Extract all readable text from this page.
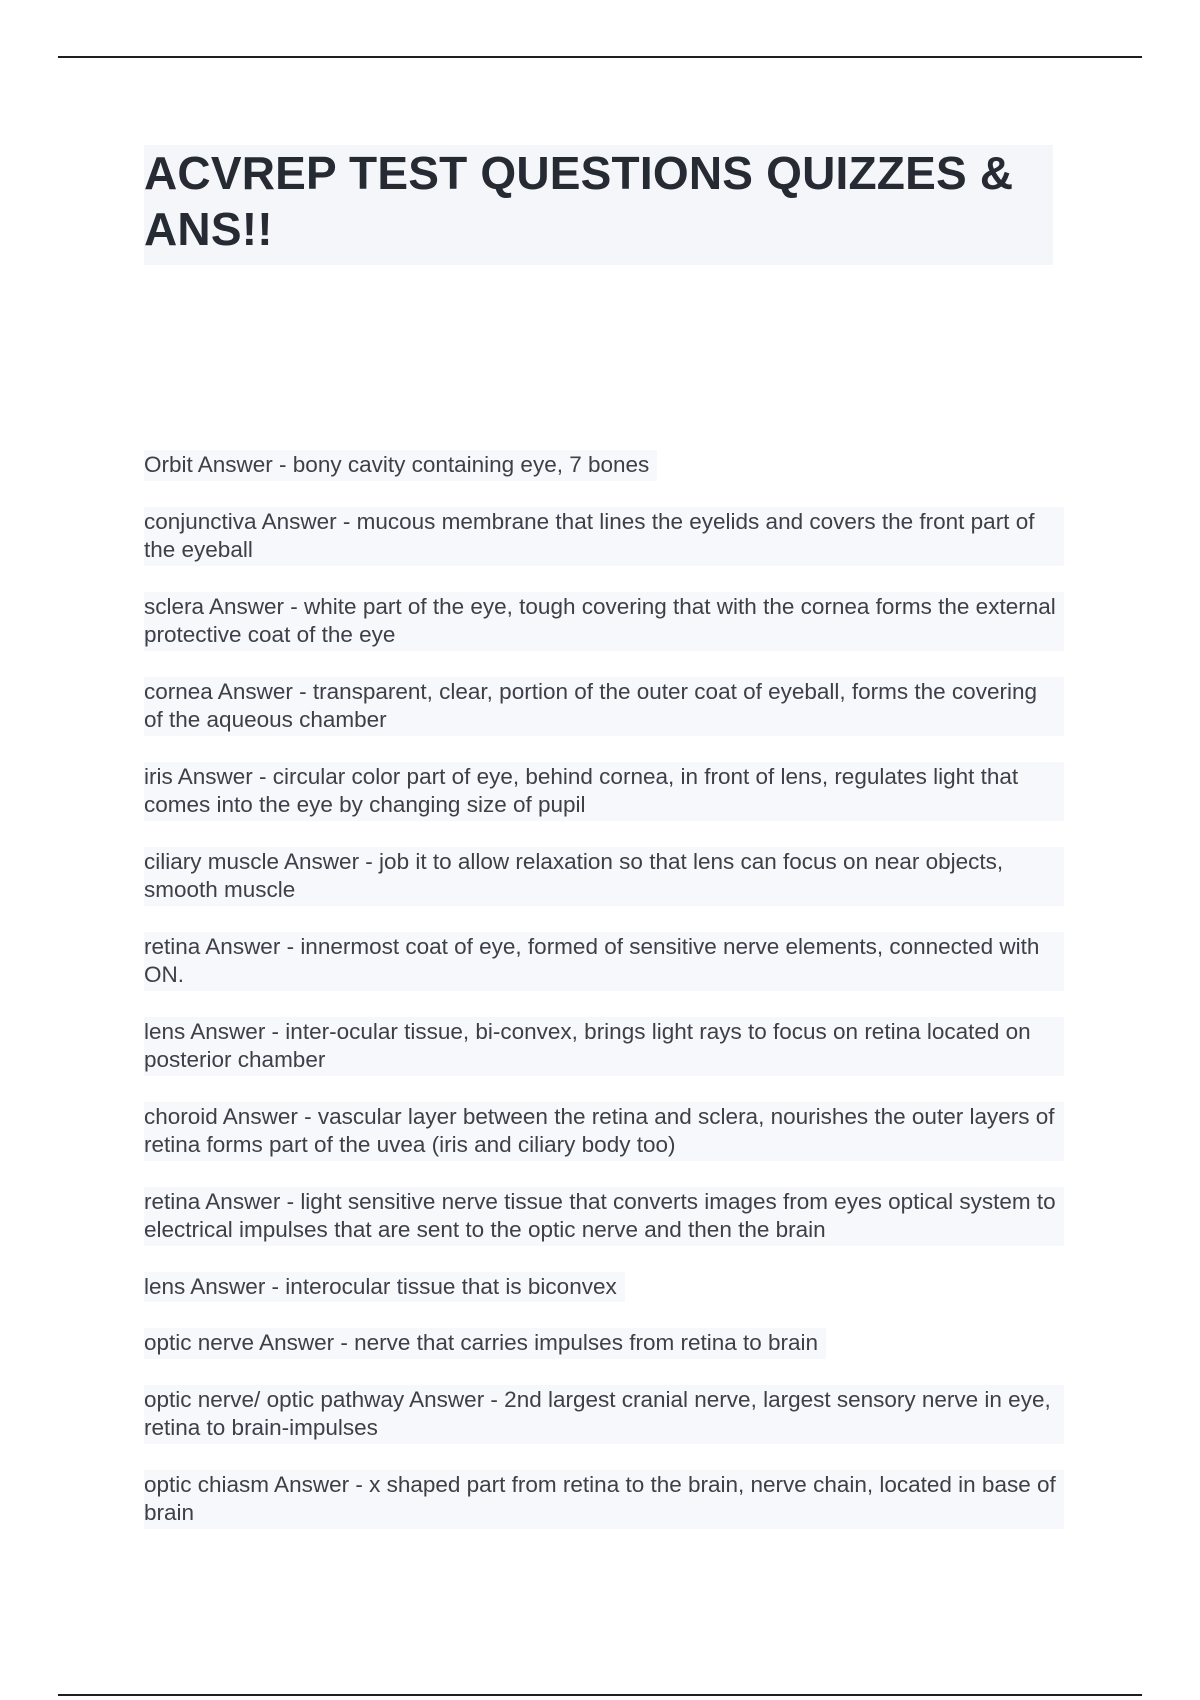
ACVREP TEST QUESTIONS QUIZZES & ANS!!
Orbit Answer - bony cavity containing eye, 7 bones
conjunctiva Answer - mucous membrane that lines the eyelids and covers the front part of the eyeball
sclera Answer - white part of the eye, tough covering that with the cornea forms the external protective coat of the eye
cornea Answer - transparent, clear, portion of the outer coat of eyeball, forms the covering of the aqueous chamber
iris Answer - circular color part of eye, behind cornea, in front of lens, regulates light that comes into the eye by changing size of pupil
ciliary muscle Answer - job it to allow relaxation so that lens can focus on near objects, smooth muscle
retina Answer - innermost coat of eye, formed of sensitive nerve elements, connected with ON.
lens Answer - inter-ocular tissue, bi-convex, brings light rays to focus on retina located on posterior chamber
choroid Answer - vascular layer between the retina and sclera, nourishes the outer layers of retina forms part of the uvea (iris and ciliary body too)
retina Answer - light sensitive nerve tissue that converts images from eyes optical system to electrical impulses that are sent to the optic nerve and then the brain
lens Answer - interocular tissue that is biconvex
optic nerve Answer - nerve that carries impulses from retina to brain
optic nerve/ optic pathway Answer - 2nd largest cranial nerve, largest sensory nerve in eye, retina to brain-impulses
optic chiasm Answer - x shaped part from retina to the brain, nerve chain, located in base of brain
